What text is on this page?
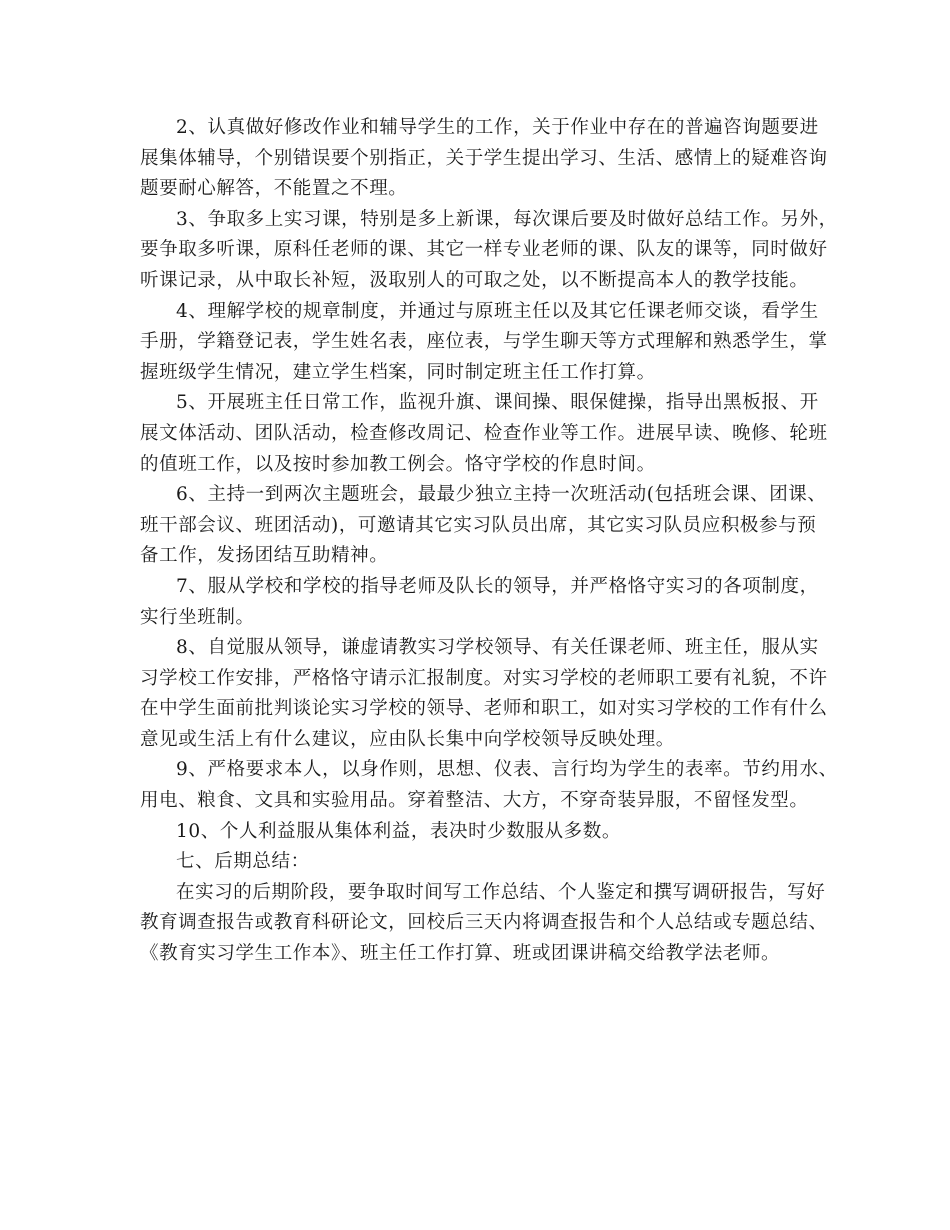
2、认真做好修改作业和辅导学生的工作，关于作业中存在的普遍咨询题要进
展集体辅导，个别错误要个别指正，关于学生提出学习、生活、感情上的疑难咨询
题要耐心解答，不能置之不理。
3、争取多上实习课，特别是多上新课，每次课后要及时做好总结工作。另外，
要争取多听课，原科任老师的课、其它一样专业老师的课、队友的课等，同时做好
听课记录，从中取长补短，汲取别人的可取之处，以不断提高本人的教学技能。
4、理解学校的规章制度，并通过与原班主任以及其它任课老师交谈，看学生
手册，学籍登记表，学生姓名表，座位表，与学生聊天等方式理解和熟悉学生，掌
握班级学生情况，建立学生档案，同时制定班主任工作打算。
5、开展班主任日常工作，监视升旗、课间操、眼保健操，指导出黑板报、开
展文体活动、团队活动，检查修改周记、检查作业等工作。进展早读、晚修、轮班
的值班工作，以及按时参加教工例会。恪守学校的作息时间。
6、主持一到两次主题班会，最最少独立主持一次班活动(包括班会课、团课、
班干部会议、班团活动)，可邀请其它实习队员出席，其它实习队员应积极参与预
备工作，发扬团结互助精神。
7、服从学校和学校的指导老师及队长的领导，并严格恪守实习的各项制度，
实行坐班制。
8、自觉服从领导，谦虚请教实习学校领导、有关任课老师、班主任，服从实
习学校工作安排，严格恪守请示汇报制度。对实习学校的老师职工要有礼貌，不许
在中学生面前批判谈论实习学校的领导、老师和职工，如对实习学校的工作有什么
意见或生活上有什么建议，应由队长集中向学校领导反映处理。
9、严格要求本人，以身作则，思想、仪表、言行均为学生的表率。节约用水、
用电、粮食、文具和实验用品。穿着整洁、大方，不穿奇装异服，不留怪发型。
10、个人利益服从集体利益，表决时少数服从多数。
七、后期总结：
在实习的后期阶段，要争取时间写工作总结、个人鉴定和撰写调研报告，写好
教育调查报告或教育科研论文，回校后三天内将调查报告和个人总结或专题总结、
《教育实习学生工作本》、班主任工作打算、班或团课讲稿交给教学法老师。
